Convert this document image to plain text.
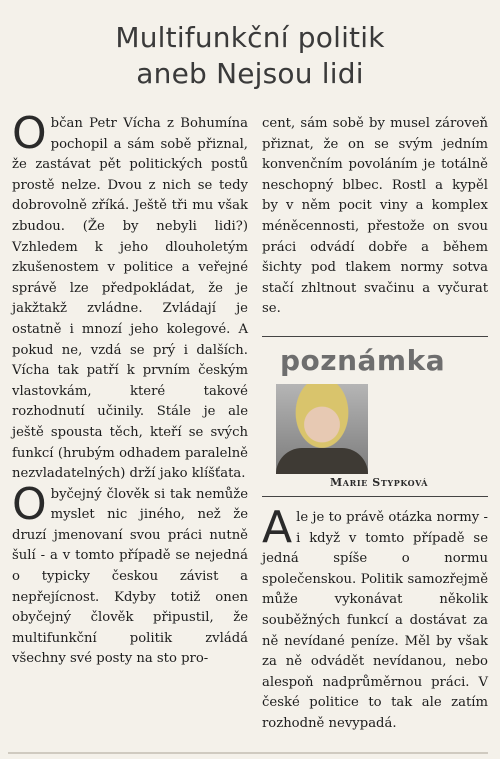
Multifunkční politik
aneb Nejsou lidi

Občan Petr Vícha z Bohumína pochopil a sám sobě přiznal, že zastávat pět politických postů prostě nelze. Dvou z nich se tedy dobrovolně zříká. Ještě tři mu však zbudou. (Že by nebyli lidi?) Vzhledem k jeho dlouholetým zkušenostem v politice a veřejné správě lze předpokládat, že je jakžtakž zvládne. Zvládají je ostatně i mnozí jeho kolegové. A pokud ne, vzdá se prý i dalších. Vícha tak patří k prvním českým vlastovkám, které takové rozhodnutí učinily. Stále je ale ještě spousta těch, kteří se svých funkcí (hrubým odhadem paralelně nezvladatelných) drží jako klíšťata.

Obyčejný člověk si tak nemůže myslet nic jiného, než že druzí jmenovaní svou práci nutně šulí - a v tomto případě se nejedná o typicky českou závist a nepřejícnost. Kdyby totiž onen obyčejný člověk připustil, že multifunkční politik zvládá všechny své posty na sto pro-

cent, sám sobě by musel zároveň přiznat, že on se svým jedním konvenčním povoláním je totálně neschopný blbec. Rostl a kypěl by v něm pocit viny a komplex méněcennosti, přestože on svou práci odvádí dobře a během šichty pod tlakem normy sotva stačí zhltnout svačinu a vyčurat se.

poznámka
Marie Stypková

Ale je to právě otázka normy - i když v tomto případě se jedná spíše o normu společenskou. Politik samozřejmě může vykonávat několik souběžných funkcí a dostávat za ně nevídané peníze. Měl by však za ně odvádět nevídanou, nebo alespoň nadprůměrnou práci. V české politice to tak ale zatím rozhodně nevypadá.
